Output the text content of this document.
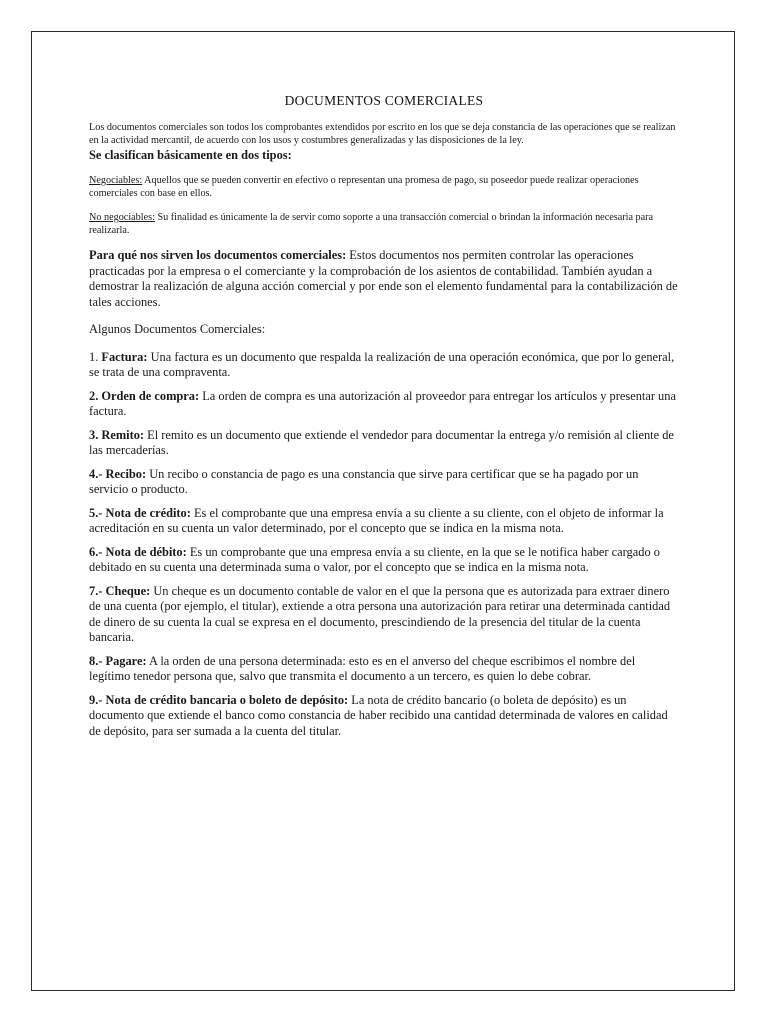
DOCUMENTOS COMERCIALES

Los documentos comerciales son todos los comprobantes extendidos por escrito en los que se deja constancia de las operaciones que se realizan en la actividad mercantil, de acuerdo con los usos y costumbres generalizadas y las disposiciones de la ley.

Se clasifican básicamente en dos tipos:

Negociables: Aquellos que se pueden convertir en efectivo o representan una promesa de pago, su poseedor puede realizar operaciones comerciales con base en ellos.

No negociables: Su finalidad es únicamente la de servir como soporte a una transacción comercial o brindan la información necesaria para realizarla.

Para qué nos sirven los documentos comerciales: Estos documentos nos permiten controlar las operaciones practicadas por la empresa o el comerciante y la comprobación de los asientos de contabilidad. También ayudan a demostrar la realización de alguna acción comercial y por ende son el elemento fundamental para la contabilización de tales acciones.

Algunos Documentos Comerciales:

1. Factura: Una factura es un documento que respalda la realización de una operación económica, que por lo general, se trata de una compraventa.

2. Orden de compra: La orden de compra es una autorización al proveedor para entregar los artículos y presentar una factura.

3. Remito: El remito es un documento que extiende el vendedor para documentar la entrega y/o remisión al cliente de las mercaderías.

4.- Recibo: Un recibo o constancia de pago es una constancia que sirve para certificar que se ha pagado por un servicio o producto.

5.- Nota de crédito: Es el comprobante que una empresa envía a su cliente a su cliente, con el objeto de informar la acreditación en su cuenta un valor determinado, por el concepto que se indica en la misma nota.

6.- Nota de débito: Es un comprobante que una empresa envía a su cliente, en la que se le notifica haber cargado o debitado en su cuenta una determinada suma o valor, por el concepto que se indica en la misma nota.

7.- Cheque: Un cheque es un documento contable de valor en el que la persona que es autorizada para extraer dinero de una cuenta (por ejemplo, el titular), extiende a otra persona una autorización para retirar una determinada cantidad de dinero de su cuenta la cual se expresa en el documento, prescindiendo de la presencia del titular de la cuenta bancaria.

8.- Pagare: A la orden de una persona determinada: esto es en el anverso del cheque escribimos el nombre del legítimo tenedor persona que, salvo que transmita el documento a un tercero, es quien lo debe cobrar.

9.- Nota de crédito bancaria o boleto de depósito: La nota de crédito bancario (o boleta de depósito) es un documento que extiende el banco como constancia de haber recibido una cantidad determinada de valores en calidad de depósito, para ser sumada a la cuenta del titular.
